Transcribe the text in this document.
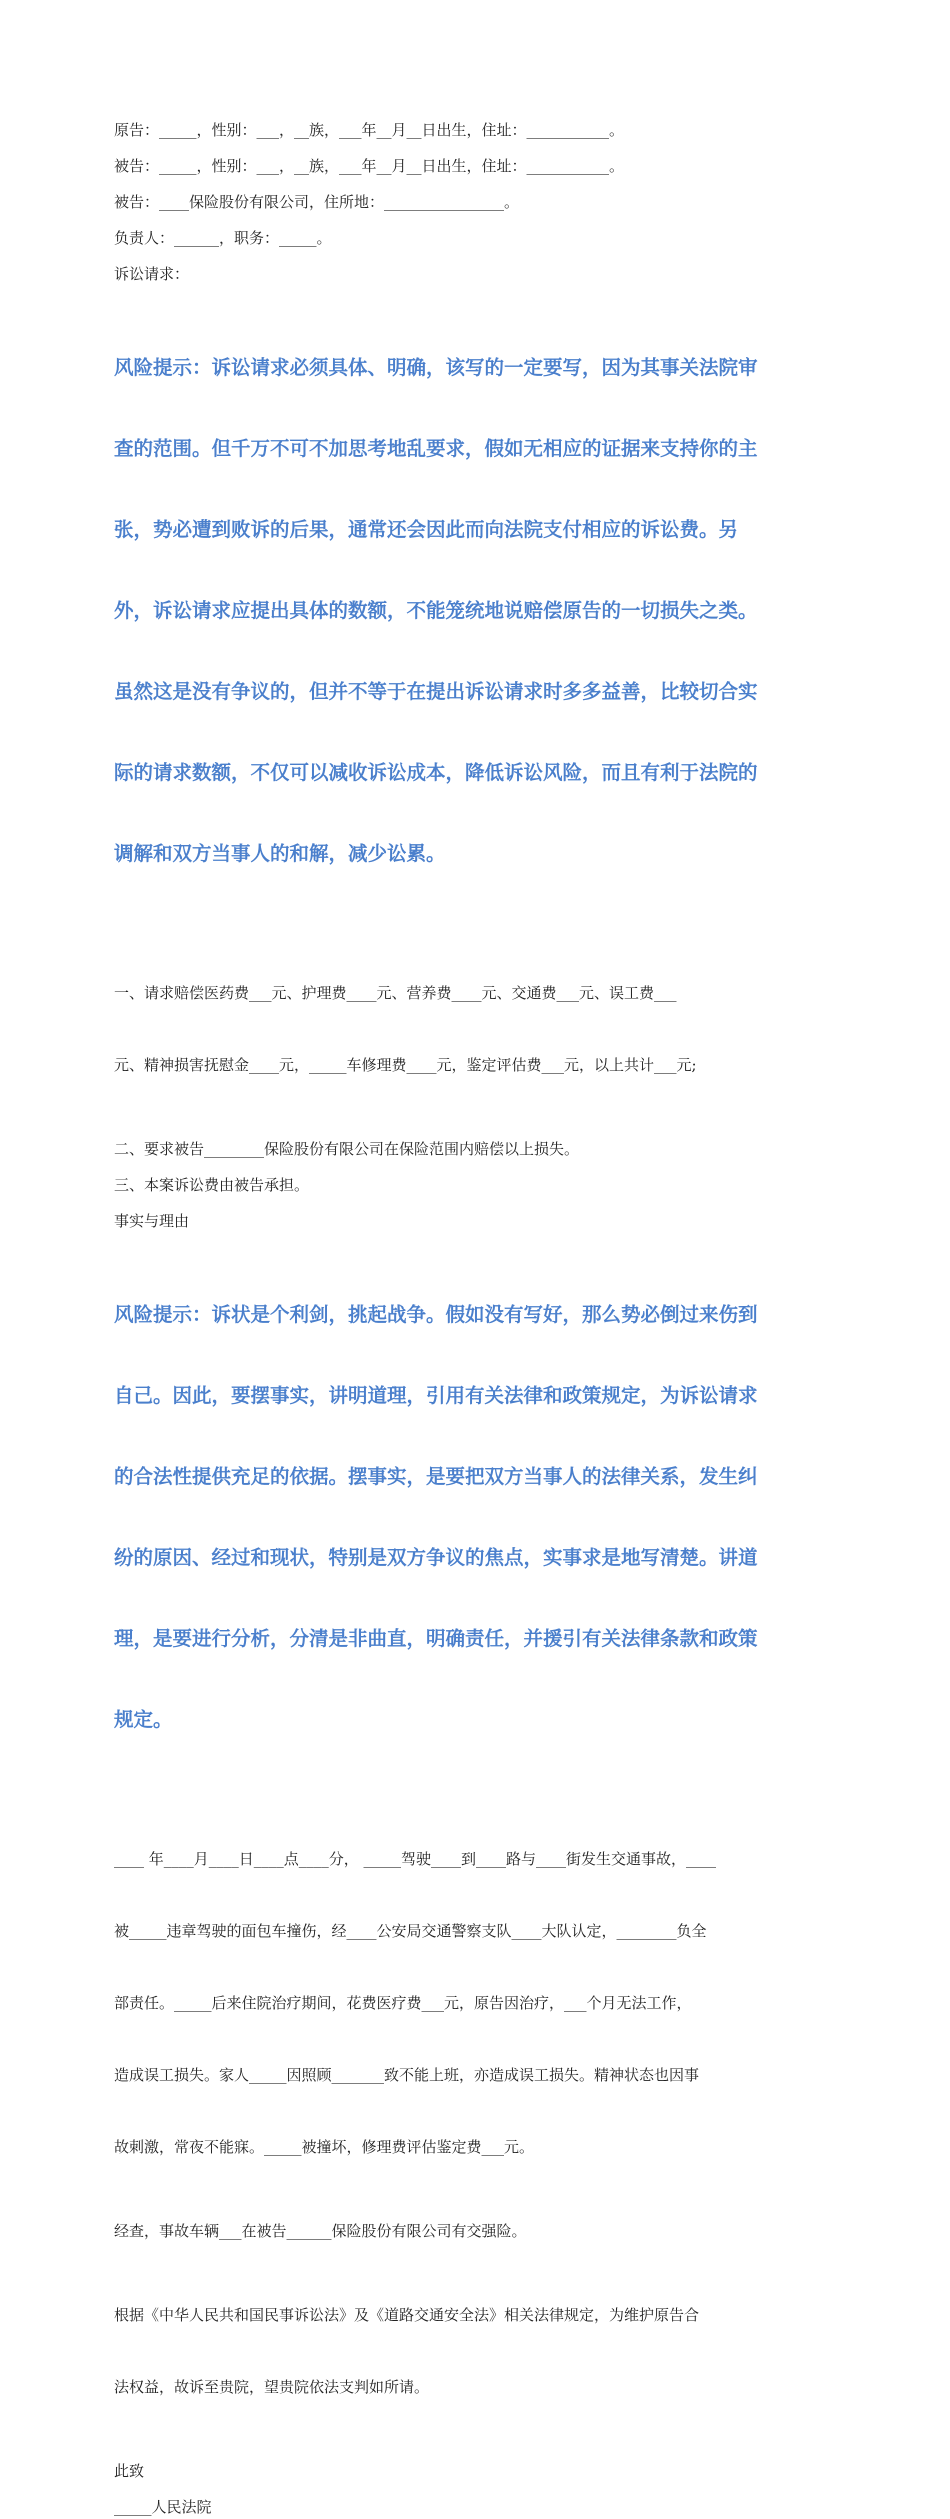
原告：_____，性别：___，__族，___年__月__日出生，住址：___________。

被告：_____，性别：___，__族，___年__月__日出生，住址：___________。

被告：____保险股份有限公司，住所地：________________。

负责人：______，职务：_____。

诉讼请求：

风险提示：诉讼请求必须具体、明确，该写的一定要写，因为其事关法院审

查的范围。但千万不可不加思考地乱要求，假如无相应的证据来支持你的主

张，势必遭到败诉的后果，通常还会因此而向法院支付相应的诉讼费。另

外，诉讼请求应提出具体的数额，不能笼统地说赔偿原告的一切损失之类。

虽然这是没有争议的，但并不等于在提出诉讼请求时多多益善，比较切合实

际的请求数额，不仅可以减收诉讼成本，降低诉讼风险，而且有利于法院的

调解和双方当事人的和解，减少讼累。

一、请求赔偿医药费___元、护理费____元、营养费____元、交通费___元、误工费___

元、精神损害抚慰金____元，_____车修理费____元，鉴定评估费___元，以上共计___元;

二、要求被告________保险股份有限公司在保险范围内赔偿以上损失。

三、本案诉讼费由被告承担。

事实与理由

风险提示：诉状是个利剑，挑起战争。假如没有写好，那么势必倒过来伤到

自己。因此，要摆事实，讲明道理，引用有关法律和政策规定，为诉讼请求

的合法性提供充足的依据。摆事实，是要把双方当事人的法律关系，发生纠

纷的原因、经过和现状，特别是双方争议的焦点，实事求是地写清楚。讲道

理，是要进行分析，分清是非曲直，明确责任，并援引有关法律条款和政策

规定。

____ 年____月____日____点____分， _____驾驶____到____路与____街发生交通事故，____

被_____违章驾驶的面包车撞伤，经____公安局交通警察支队____大队认定，________负全

部责任。_____后来住院治疗期间，花费医疗费___元，原告因治疗，___个月无法工作，

造成误工损失。家人_____因照顾_______致不能上班，亦造成误工损失。精神状态也因事

故刺激，常夜不能寐。_____被撞坏，修理费评估鉴定费___元。

经查，事故车辆___在被告______保险股份有限公司有交强险。

根据《中华人民共和国民事诉讼法》及《道路交通安全法》相关法律规定，为维护原告合

法权益，故诉至贵院，望贵院依法支判如所请。

此致

_____人民法院
